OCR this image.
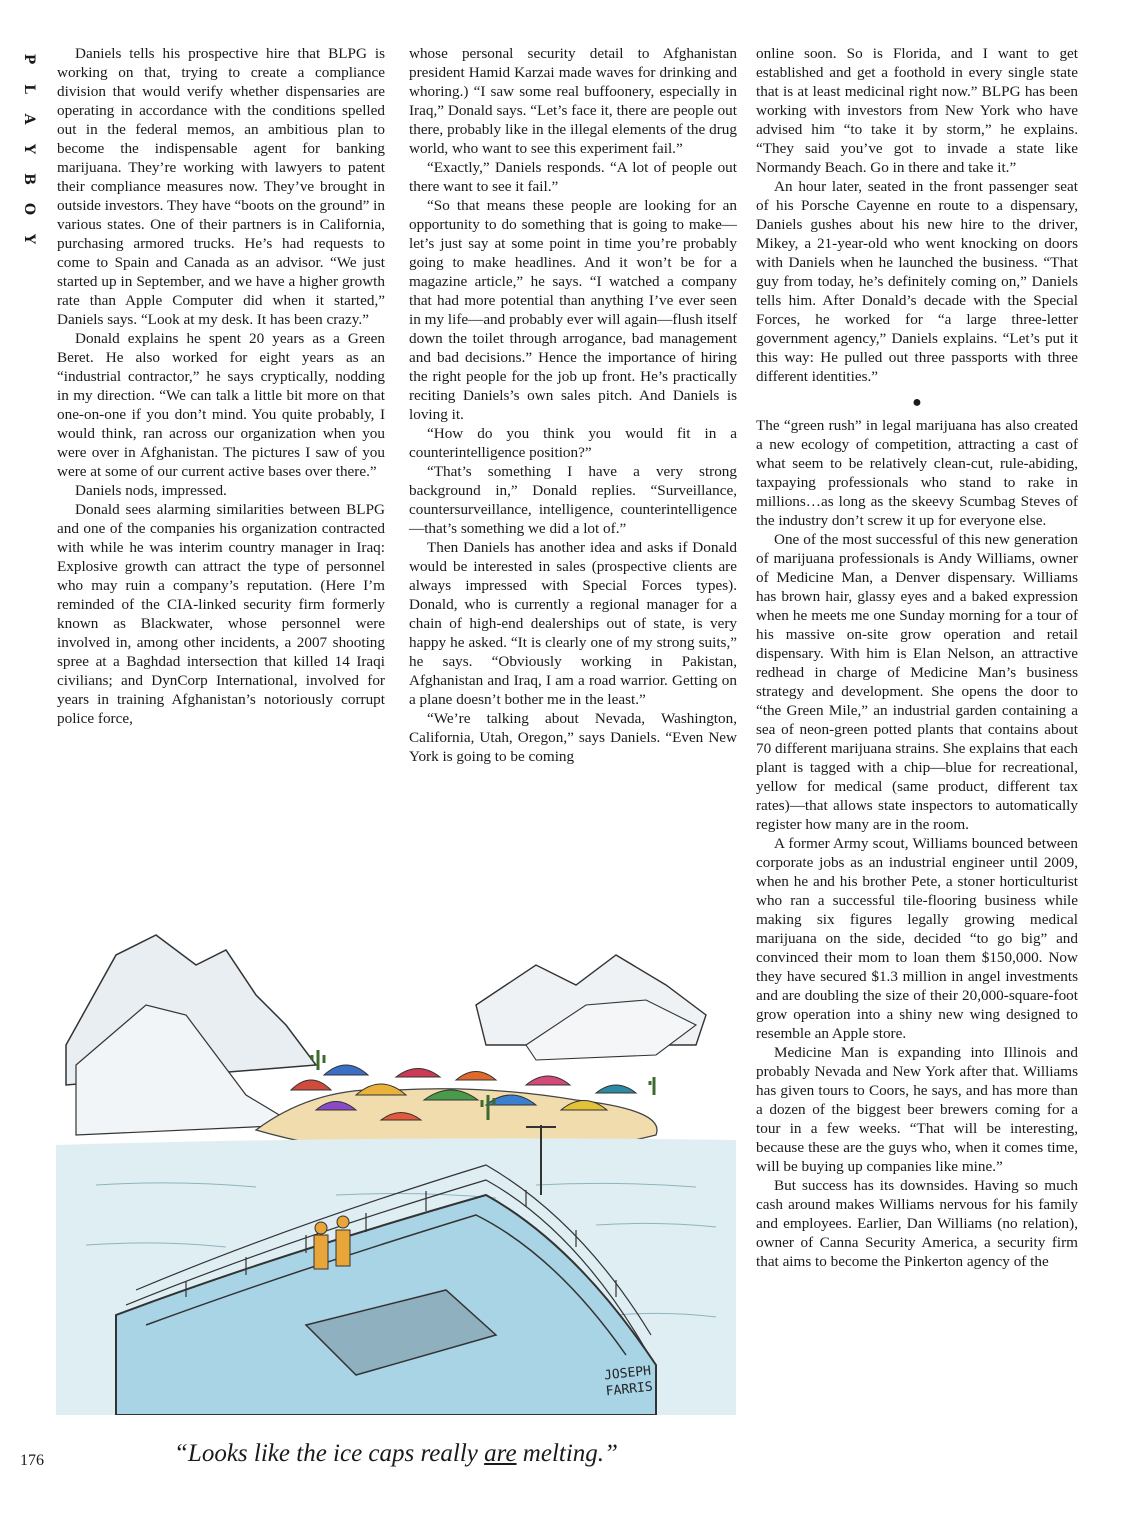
P
L
A
Y
B
O
Y

Daniels tells his prospective hire that BLPG is working on that, trying to create a compliance division that would verify whether dispensaries are operating in accordance with the conditions spelled out in the federal memos, an ambitious plan to become the indispensable agent for banking marijuana. They’re working with lawyers to patent their compliance measures now. They’ve brought in outside investors. They have “boots on the ground” in various states. One of their partners is in California, purchasing armored trucks. He’s had requests to come to Spain and Canada as an advisor. “We just started up in September, and we have a higher growth rate than Apple Computer did when it started,” Daniels says. “Look at my desk. It has been crazy.”

Donald explains he spent 20 years as a Green Beret. He also worked for eight years as an “industrial contractor,” he says cryptically, nodding in my direction. “We can talk a little bit more on that one-on-one if you don’t mind. You quite probably, I would think, ran across our organization when you were over in Afghanistan. The pictures I saw of you were at some of our current active bases over there.”

Daniels nods, impressed.

Donald sees alarming similarities between BLPG and one of the companies his organization contracted with while he was interim country manager in Iraq: Explosive growth can attract the type of personnel who may ruin a company’s reputation. (Here I’m reminded of the CIA-linked security firm formerly known as Blackwater, whose personnel were involved in, among other incidents, a 2007 shooting spree at a Baghdad intersection that killed 14 Iraqi civilians; and DynCorp International, involved for years in training Afghanistan’s notoriously corrupt police force,

whose personal security detail to Afghanistan president Hamid Karzai made waves for drinking and whoring.) “I saw some real buffoonery, especially in Iraq,” Donald says. “Let’s face it, there are people out there, probably like in the illegal elements of the drug world, who want to see this experiment fail.”

“Exactly,” Daniels responds. “A lot of people out there want to see it fail.”

“So that means these people are looking for an opportunity to do something that is going to make—let’s just say at some point in time you’re probably going to make headlines. And it won’t be for a magazine article,” he says. “I watched a company that had more potential than anything I’ve ever seen in my life—and probably ever will again—flush itself down the toilet through arrogance, bad management and bad decisions.” Hence the importance of hiring the right people for the job up front. He’s practically reciting Daniels’s own sales pitch. And Daniels is loving it.

“How do you think you would fit in a counterintelligence position?”

“That’s something I have a very strong background in,” Donald replies. “Surveillance, countersurveillance, intelligence, counterintelligence—that’s something we did a lot of.”

Then Daniels has another idea and asks if Donald would be interested in sales (prospective clients are always impressed with Special Forces types). Donald, who is currently a regional manager for a chain of high-end dealerships out of state, is very happy he asked. “It is clearly one of my strong suits,” he says. “Obviously working in Pakistan, Afghanistan and Iraq, I am a road warrior. Getting on a plane doesn’t bother me in the least.”

“We’re talking about Nevada, Washington, California, Utah, Oregon,” says Daniels. “Even New York is going to be coming

online soon. So is Florida, and I want to get established and get a foothold in every single state that is at least medicinal right now.” BLPG has been working with investors from New York who have advised him “to take it by storm,” he explains. “They said you’ve got to invade a state like Normandy Beach. Go in there and take it.”

An hour later, seated in the front passenger seat of his Porsche Cayenne en route to a dispensary, Daniels gushes about his new hire to the driver, Mikey, a 21-year-old who went knocking on doors with Daniels when he launched the business. “That guy from today, he’s definitely coming on,” Daniels tells him. After Donald’s decade with the Special Forces, he worked for “a large three-letter government agency,” Daniels explains. “Let’s put it this way: He pulled out three passports with three different identities.”

●

The “green rush” in legal marijuana has also created a new ecology of competition, attracting a cast of what seem to be relatively clean-cut, rule-abiding, taxpaying professionals who stand to rake in millions…as long as the skeevy Scumbag Steves of the industry don’t screw it up for everyone else.

One of the most successful of this new generation of marijuana professionals is Andy Williams, owner of Medicine Man, a Denver dispensary. Williams has brown hair, glassy eyes and a baked expression when he meets me one Sunday morning for a tour of his massive on-site grow operation and retail dispensary. With him is Elan Nelson, an attractive redhead in charge of Medicine Man’s business strategy and development. She opens the door to “the Green Mile,” an industrial garden containing a sea of neon-green potted plants that contains about 70 different marijuana strains. She explains that each plant is tagged with a chip—blue for recreational, yellow for medical (same product, different tax rates)—that allows state inspectors to automatically register how many are in the room.

A former Army scout, Williams bounced between corporate jobs as an industrial engineer until 2009, when he and his brother Pete, a stoner horticulturist who ran a successful tile-flooring business while making six figures legally growing medical marijuana on the side, decided “to go big” and convinced their mom to loan them $150,000. Now they have secured $1.3 million in angel investments and are doubling the size of their 20,000-square-foot grow operation into a shiny new wing designed to resemble an Apple store.

Medicine Man is expanding into Illinois and probably Nevada and New York after that. Williams has given tours to Coors, he says, and has more than a dozen of the biggest beer brewers coming for a tour in a few weeks. “That will be interesting, because these are the guys who, when it comes time, will be buying up companies like mine.”

But success has its downsides. Having so much cash around makes Williams nervous for his family and employees. Earlier, Dan Williams (no relation), owner of Canna Security America, a security firm that aims to become the Pinkerton agency of the

JOSEPH
FARRIS
176	“Looks like the ice caps really are melting.”
